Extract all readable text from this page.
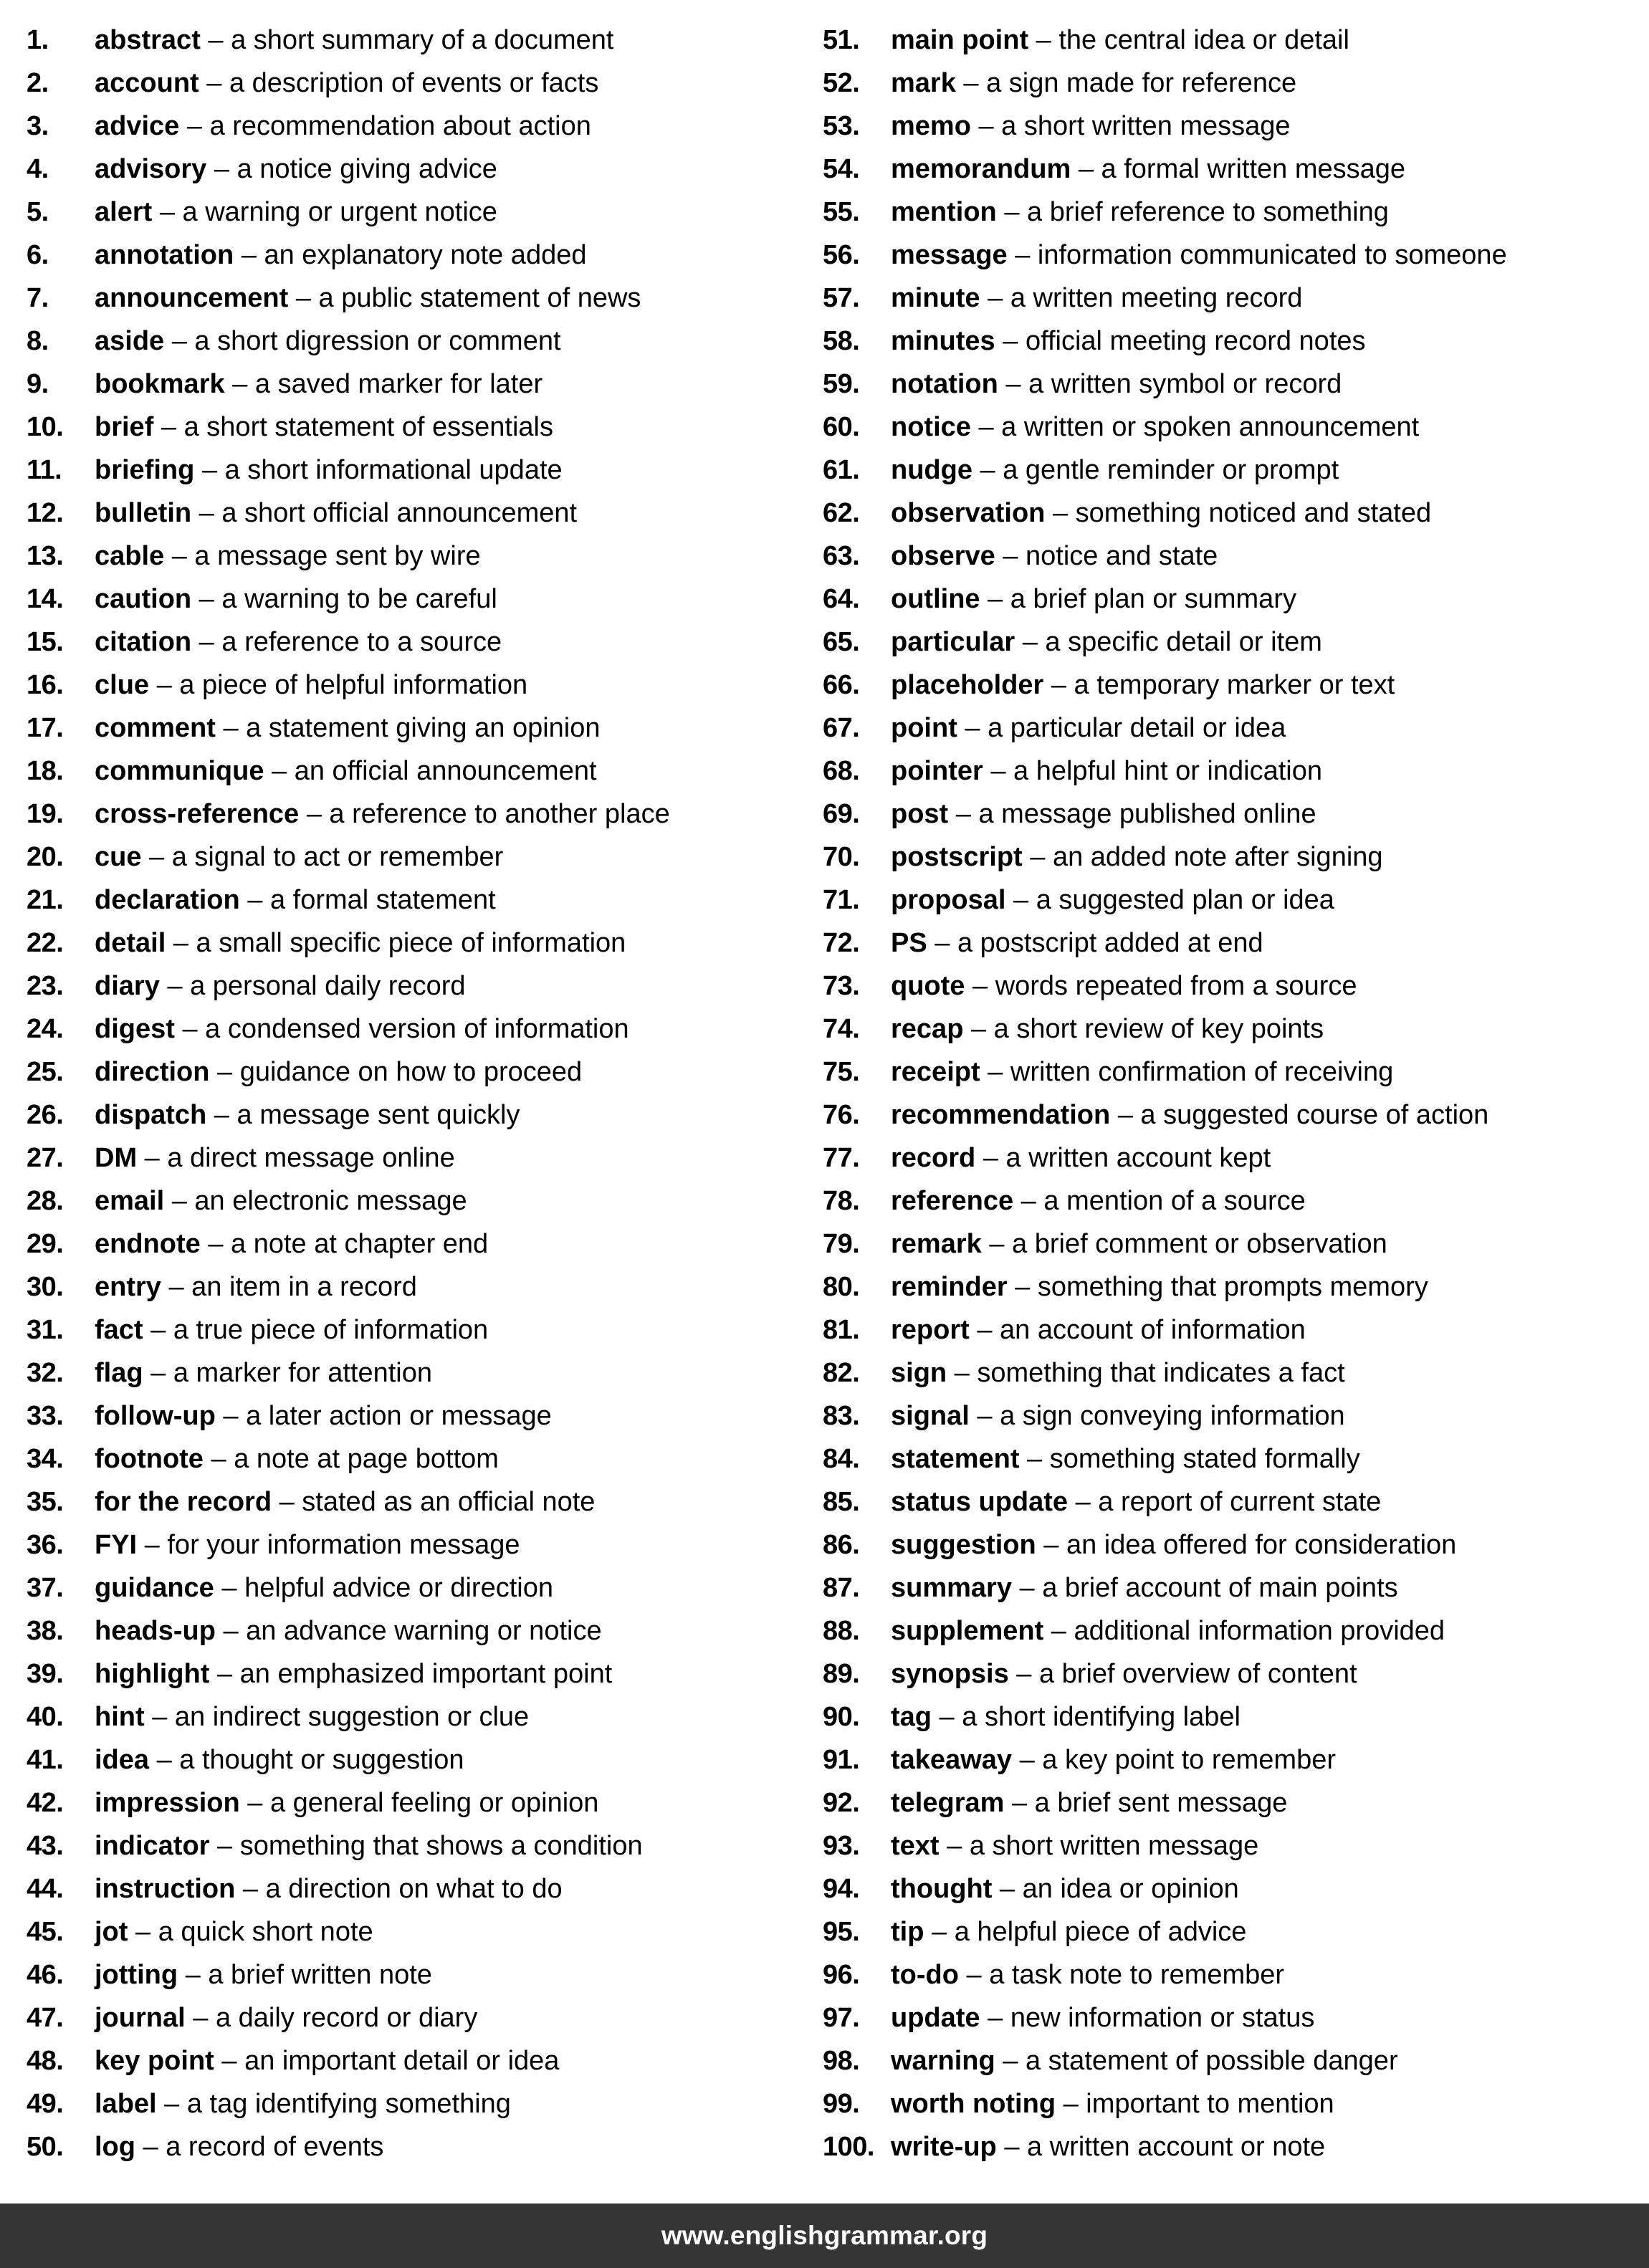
1.	abstract – a short summary of a document
2.	account – a description of events or facts
3.	advice – a recommendation about action
4.	advisory – a notice giving advice
5.	alert – a warning or urgent notice
6.	annotation – an explanatory note added
7.	announcement – a public statement of news
8.	aside – a short digression or comment
9.	bookmark – a saved marker for later
10.	brief – a short statement of essentials
11.	briefing – a short informational update
12.	bulletin – a short official announcement
13.	cable – a message sent by wire
14.	caution – a warning to be careful
15.	citation – a reference to a source
16.	clue – a piece of helpful information
17.	comment – a statement giving an opinion
18.	communique – an official announcement
19.	cross-reference – a reference to another place
20.	cue – a signal to act or remember
21.	declaration – a formal statement
22.	detail – a small specific piece of information
23.	diary – a personal daily record
24.	digest – a condensed version of information
25.	direction – guidance on how to proceed
26.	dispatch – a message sent quickly
27.	DM – a direct message online
28.	email – an electronic message
29.	endnote – a note at chapter end
30.	entry – an item in a record
31.	fact – a true piece of information
32.	flag – a marker for attention
33.	follow-up – a later action or message
34.	footnote – a note at page bottom
35.	for the record – stated as an official note
36.	FYI – for your information message
37.	guidance – helpful advice or direction
38.	heads-up – an advance warning or notice
39.	highlight – an emphasized important point
40.	hint – an indirect suggestion or clue
41.	idea – a thought or suggestion
42.	impression – a general feeling or opinion
43.	indicator – something that shows a condition
44.	instruction – a direction on what to do
45.	jot – a quick short note
46.	jotting – a brief written note
47.	journal – a daily record or diary
48.	key point – an important detail or idea
49.	label – a tag identifying something
50.	log – a record of events
51.	main point – the central idea or detail
52.	mark – a sign made for reference
53.	memo – a short written message
54.	memorandum – a formal written message
55.	mention – a brief reference to something
56.	message – information communicated to someone
57.	minute – a written meeting record
58.	minutes – official meeting record notes
59.	notation – a written symbol or record
60.	notice – a written or spoken announcement
61.	nudge – a gentle reminder or prompt
62.	observation – something noticed and stated
63.	observe – notice and state
64.	outline – a brief plan or summary
65.	particular – a specific detail or item
66.	placeholder – a temporary marker or text
67.	point – a particular detail or idea
68.	pointer – a helpful hint or indication
69.	post – a message published online
70.	postscript – an added note after signing
71.	proposal – a suggested plan or idea
72.	PS – a postscript added at end
73.	quote – words repeated from a source
74.	recap – a short review of key points
75.	receipt – written confirmation of receiving
76.	recommendation – a suggested course of action
77.	record – a written account kept
78.	reference – a mention of a source
79.	remark – a brief comment or observation
80.	reminder – something that prompts memory
81.	report – an account of information
82.	sign – something that indicates a fact
83.	signal – a sign conveying information
84.	statement – something stated formally
85.	status update – a report of current state
86.	suggestion – an idea offered for consideration
87.	summary – a brief account of main points
88.	supplement – additional information provided
89.	synopsis – a brief overview of content
90.	tag – a short identifying label
91.	takeaway – a key point to remember
92.	telegram – a brief sent message
93.	text – a short written message
94.	thought – an idea or opinion
95.	tip – a helpful piece of advice
96.	to-do – a task note to remember
97.	update – new information or status
98.	warning – a statement of possible danger
99.	worth noting – important to mention
100. write-up – a written account or note
www.englishgrammar.org
